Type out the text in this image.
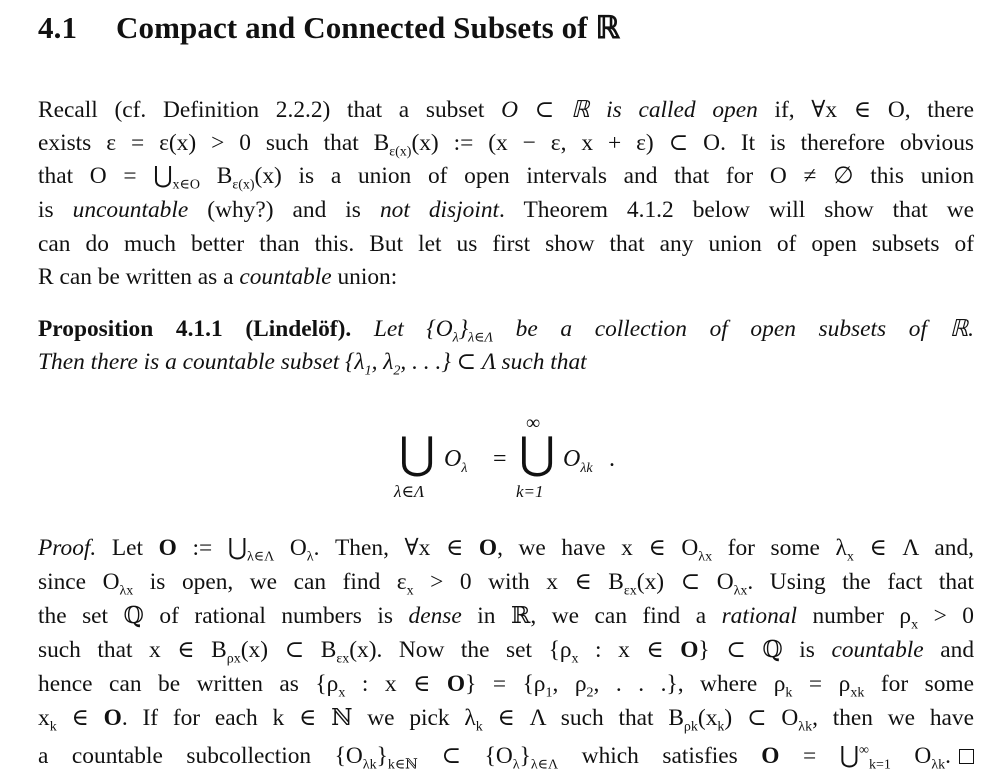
4.1 Compact and Connected Subsets of ℝ
Recall (cf. Definition 2.2.2) that a subset O ⊂ ℝ is called open if, ∀x ∈ O, there
exists ε = ε(x) > 0 such that $B_{\varepsilon(x)}(x)$ := (x − ε, x + ε) ⊂ O. It is therefore obvious
that $O = ⋃_{x\in O}$ $B_{\varepsilon(x)}(x)$ is a union of open intervals and that for O ≠ ∅ this union
is uncountable (why?) and is not disjoint. Theorem 4.1.2 below will show that we
can do much better than this. But let us first show that any union of open subsets of
R can be written as a countable union:
Proposition 4.1.1 (Lindelöf). Let $\{O_\lambda\}_{\lambda\in\Lambda}$ be a collection of open subsets of ℝ.
Then there is a countable subset {$\lambda_1$, $\lambda_2$, . . .} ⊂ Λ such that
⋃
λ∈Λ
$O_\lambda$ =
∞
⋃
k=1
$O_{\lambda k}$ .
Proof. Let O := $⋃_{\lambda\in\Lambda}$ $O_\lambda$. Then, ∀x ∈ O, we have x ∈ $O_{\lambda x}$ for some $\lambda_x$ ∈ Λ and,
since $O_{\lambda x}$ is open, we can find $\varepsilon_x > 0$ with x ∈ $B_{\varepsilon x}(x)$ ⊂ $O_{\lambda x}$. Using the fact that
the set ℚ of rational numbers is dense in ℝ, we can find a rational number $\rho_x > 0$
such that x ∈ $B_{\rho x}(x)$ ⊂ $B_{\varepsilon x}(x)$. Now the set {$\rho_x$ : x ∈ O} ⊂ ℚ is countable and
hence can be written as {$\rho_x$ : x ∈ $O\} = \{\rho_1$, $\rho_2$, . . .}, where $\rho_k = \rho_{xk}$ for some
$x_k$ ∈ O. If for each k ∈ ℕ we pick $\lambda_k$ ∈ Λ such that $B_{\rho k}(x_k)$ ⊂ $O_{\lambda k}$, then we have
a countable subcollection $\{O_{\lambda k}\}_{k\in ℕ}$ ⊂ $\{O_\lambda\}_{\lambda\in\Lambda}$ which satisfies $O = ⋃^\infty_{k=1}$ $O_{\lambda k}$.
